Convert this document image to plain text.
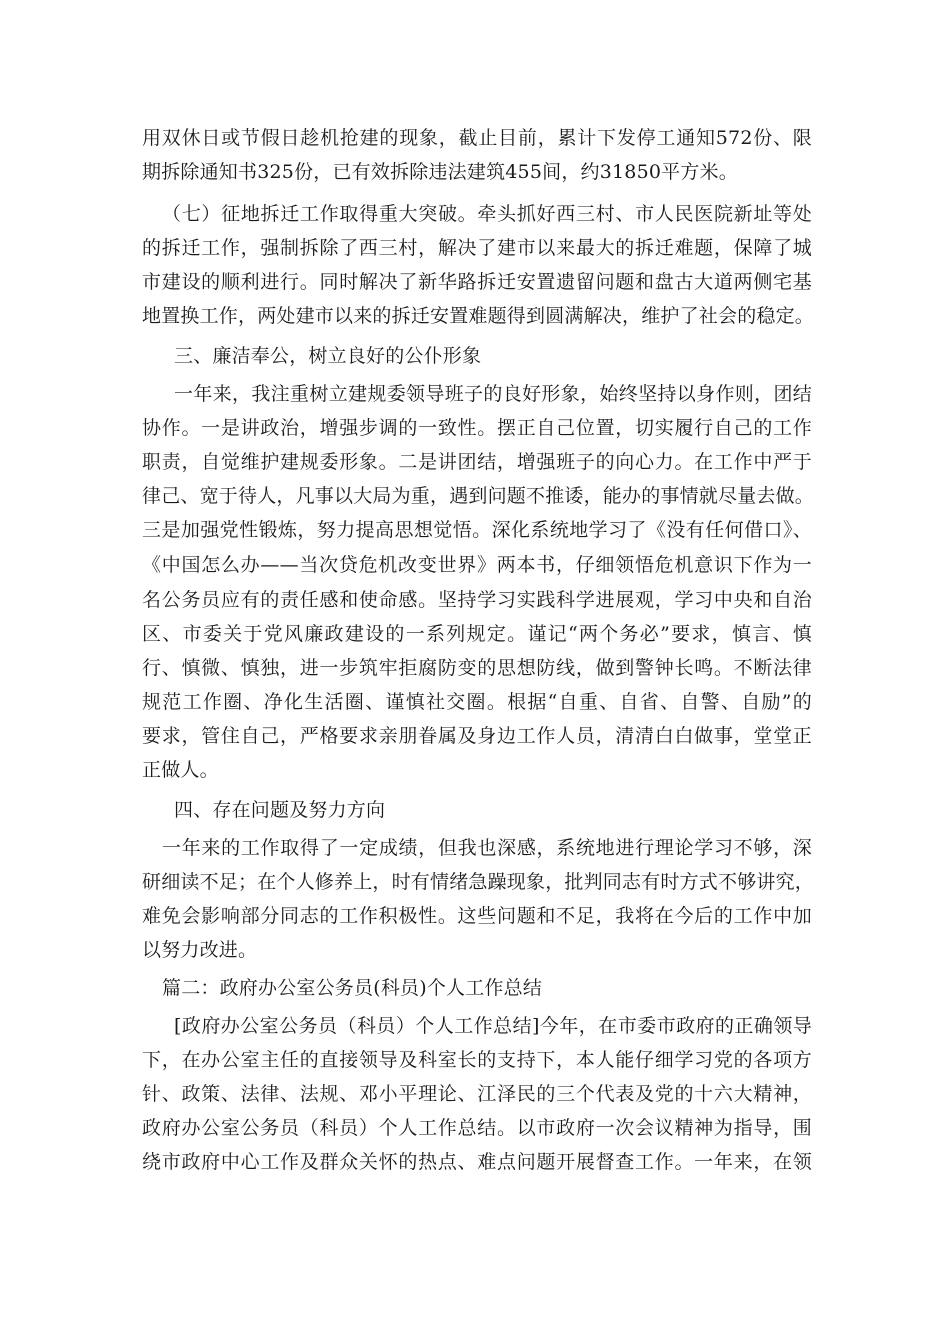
用双休日或节假日趁机抢建的现象，截止目前，累计下发停工通知572份、限
期拆除通知书325份，已有效拆除违法建筑455间，约31850平方米。
（七）征地拆迁工作取得重大突破。牵头抓好西三村、市人民医院新址等处
的拆迁工作，强制拆除了西三村，解决了建市以来最大的拆迁难题，保障了城
市建设的顺利进行。同时解决了新华路拆迁安置遗留问题和盘古大道两侧宅基
地置换工作，两处建市以来的拆迁安置难题得到圆满解决，维护了社会的稳定。
三、廉洁奉公，树立良好的公仆形象
一年来，我注重树立建规委领导班子的良好形象，始终坚持以身作则，团结
协作。一是讲政治，增强步调的一致性。摆正自己位置，切实履行自己的工作
职责，自觉维护建规委形象。二是讲团结，增强班子的向心力。在工作中严于
律己、宽于待人，凡事以大局为重，遇到问题不推诿，能办的事情就尽量去做。
三是加强党性锻炼，努力提高思想觉悟。深化系统地学习了《没有任何借口》、
《中国怎么办——当次贷危机改变世界》两本书，仔细领悟危机意识下作为一
名公务员应有的责任感和使命感。坚持学习实践科学进展观，学习中央和自治
区、市委关于党风廉政建设的一系列规定。谨记“两个务必”要求，慎言、慎
行、慎微、慎独，进一步筑牢拒腐防变的思想防线，做到警钟长鸣。不断法律
规范工作圈、净化生活圈、谨慎社交圈。根据“自重、自省、自警、自励”的
要求，管住自己，严格要求亲朋眷属及身边工作人员，清清白白做事，堂堂正
正做人。
四、存在问题及努力方向
一年来的工作取得了一定成绩，但我也深感，系统地进行理论学习不够，深
研细读不足；在个人修养上，时有情绪急躁现象，批判同志有时方式不够讲究，
难免会影响部分同志的工作积极性。这些问题和不足，我将在今后的工作中加
以努力改进。
篇二：政府办公室公务员(科员)个人工作总结
[政府办公室公务员（科员）个人工作总结]今年，在市委市政府的正确领导
下，在办公室主任的直接领导及科室长的支持下，本人能仔细学习党的各项方
针、政策、法律、法规、邓小平理论、江泽民的三个代表及党的十六大精神，
政府办公室公务员（科员）个人工作总结。以市政府一次会议精神为指导，围
绕市政府中心工作及群众关怀的热点、难点问题开展督查工作。一年来，在领
